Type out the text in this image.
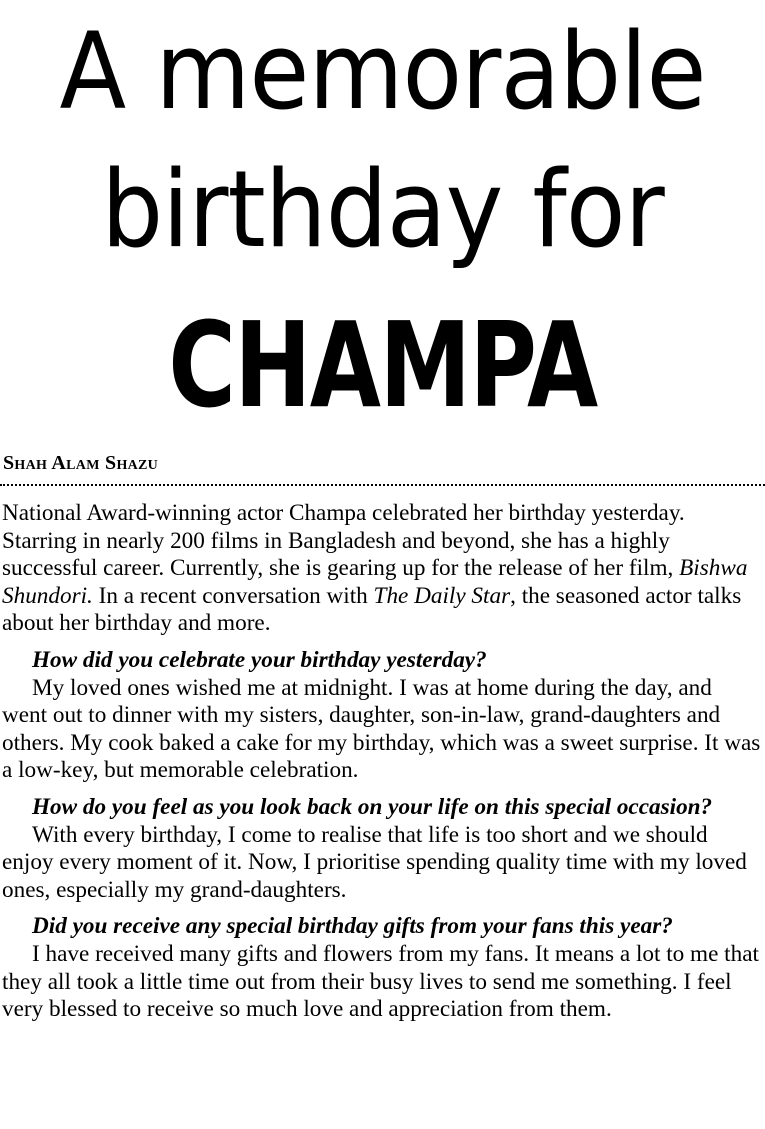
A memorable
birthday for
CHAMPA

Shah Alam Shazu

National Award-winning actor Champa celebrated her birthday yesterday. Starring in nearly 200 films in Bangladesh and beyond, she has a highly successful career. Currently, she is gearing up for the release of her film, Bishwa Shundori. In a recent conversation with The Daily Star, the seasoned actor talks about her birthday and more.

How did you celebrate your birthday yesterday?

My loved ones wished me at midnight. I was at home during the day, and went out to dinner with my sisters, daughter, son-in-law, grand-daughters and others. My cook baked a cake for my birthday, which was a sweet surprise. It was a low-key, but memorable celebration.

How do you feel as you look back on your life on this special occasion?

With every birthday, I come to realise that life is too short and we should enjoy every moment of it. Now, I prioritise spending quality time with my loved ones, especially my grand-daughters.

Did you receive any special birthday gifts from your fans this year?

I have received many gifts and flowers from my fans. It means a lot to me that they all took a little time out from their busy lives to send me something. I feel very blessed to receive so much love and appreciation from them.
